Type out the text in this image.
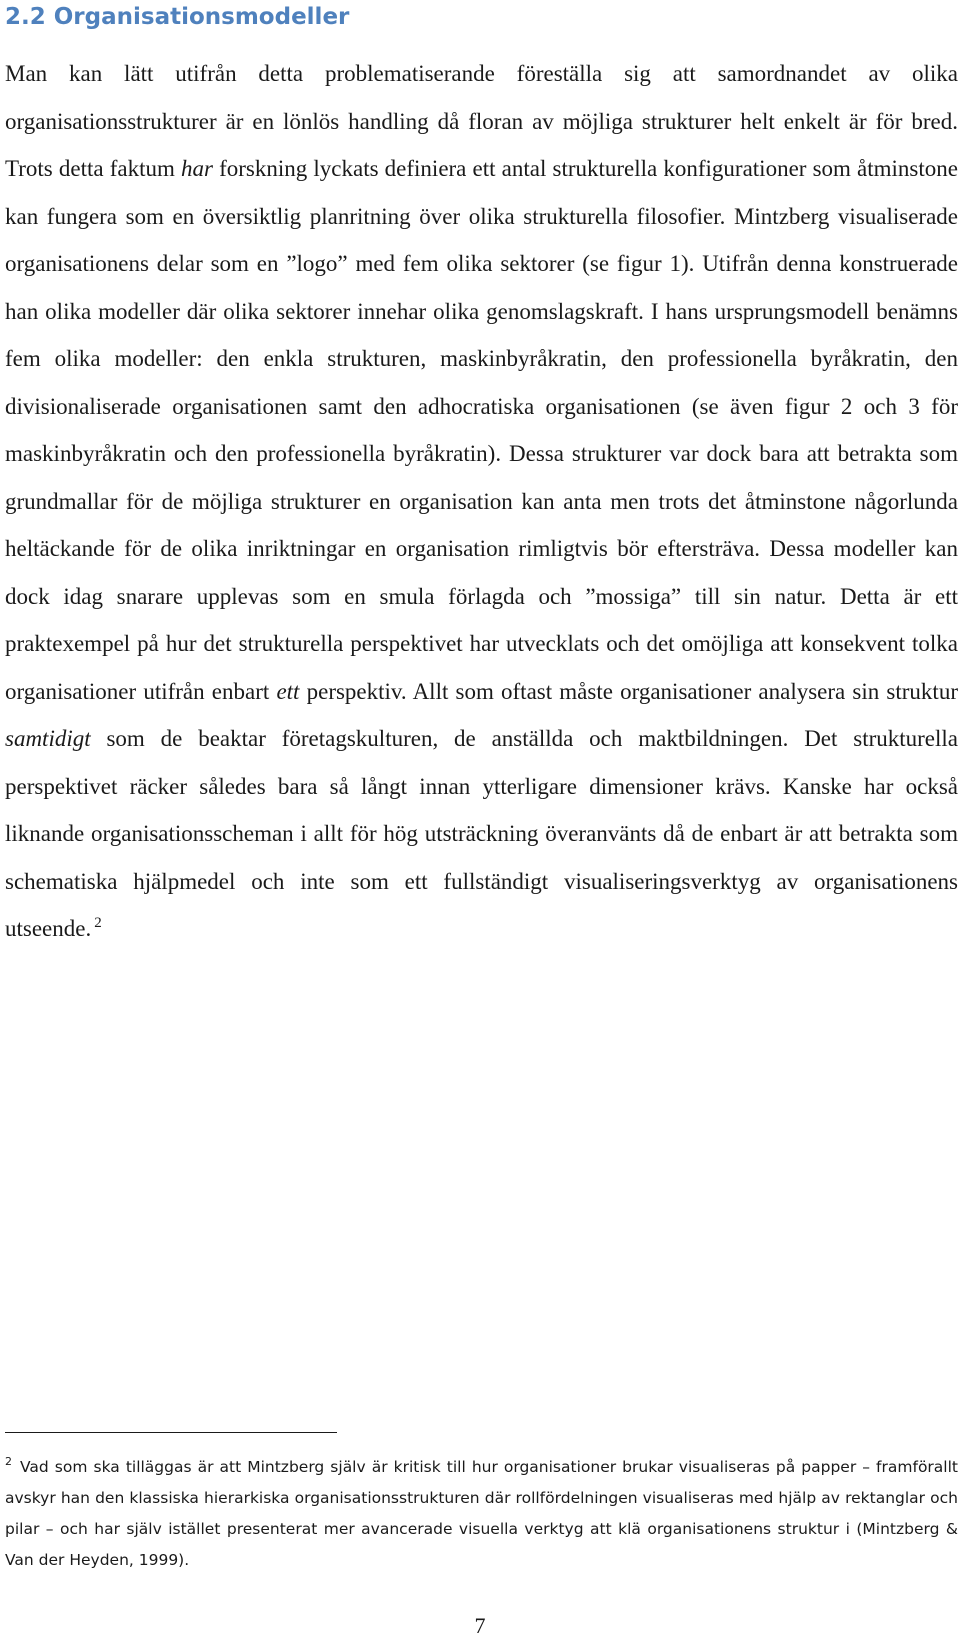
2.2 Organisationsmodeller

Man kan lätt utifrån detta problematiserande föreställa sig att samordnandet av olika organisationsstrukturer är en lönlös handling då floran av möjliga strukturer helt enkelt är för bred. Trots detta faktum har forskning lyckats definiera ett antal strukturella konfigurationer som åtminstone kan fungera som en översiktlig planritning över olika strukturella filosofier. Mintzberg visualiserade organisationens delar som en ”logo” med fem olika sektorer (se figur 1). Utifrån denna konstruerade han olika modeller där olika sektorer innehar olika genomslagskraft. I hans ursprungsmodell benämns fem olika modeller: den enkla strukturen, maskinbyråkratin, den professionella byråkratin, den divisionaliserade organisationen samt den adhocratiska organisationen (se även figur 2 och 3 för maskinbyråkratin och den professionella byråkratin). Dessa strukturer var dock bara att betrakta som grundmallar för de möjliga strukturer en organisation kan anta men trots det åtminstone någorlunda heltäckande för de olika inriktningar en organisation rimligtvis bör eftersträva. Dessa modeller kan dock idag snarare upplevas som en smula förlagda och ”mossiga” till sin natur. Detta är ett praktexempel på hur det strukturella perspektivet har utvecklats och det omöjliga att konsekvent tolka organisationer utifrån enbart ett perspektiv. Allt som oftast måste organisationer analysera sin struktur samtidigt som de beaktar företagskulturen, de anställda och maktbildningen. Det strukturella perspektivet räcker således bara så långt innan ytterligare dimensioner krävs. Kanske har också liknande organisationsscheman i allt för hög utsträckning överanvänts då de enbart är att betrakta som schematiska hjälpmedel och inte som ett fullständigt visualiseringsverktyg av organisationens utseende. $^2$

$^2$ Vad som ska tilläggas är att Mintzberg själv är kritisk till hur organisationer brukar visualiseras på papper – framförallt avskyr han den klassiska hierarkiska organisationsstrukturen där rollfördelningen visualiseras med hjälp av rektanglar och pilar – och har själv istället presenterat mer avancerade visuella verktyg att klä organisationens struktur i (Mintzberg & Van der Heyden, 1999).

7
